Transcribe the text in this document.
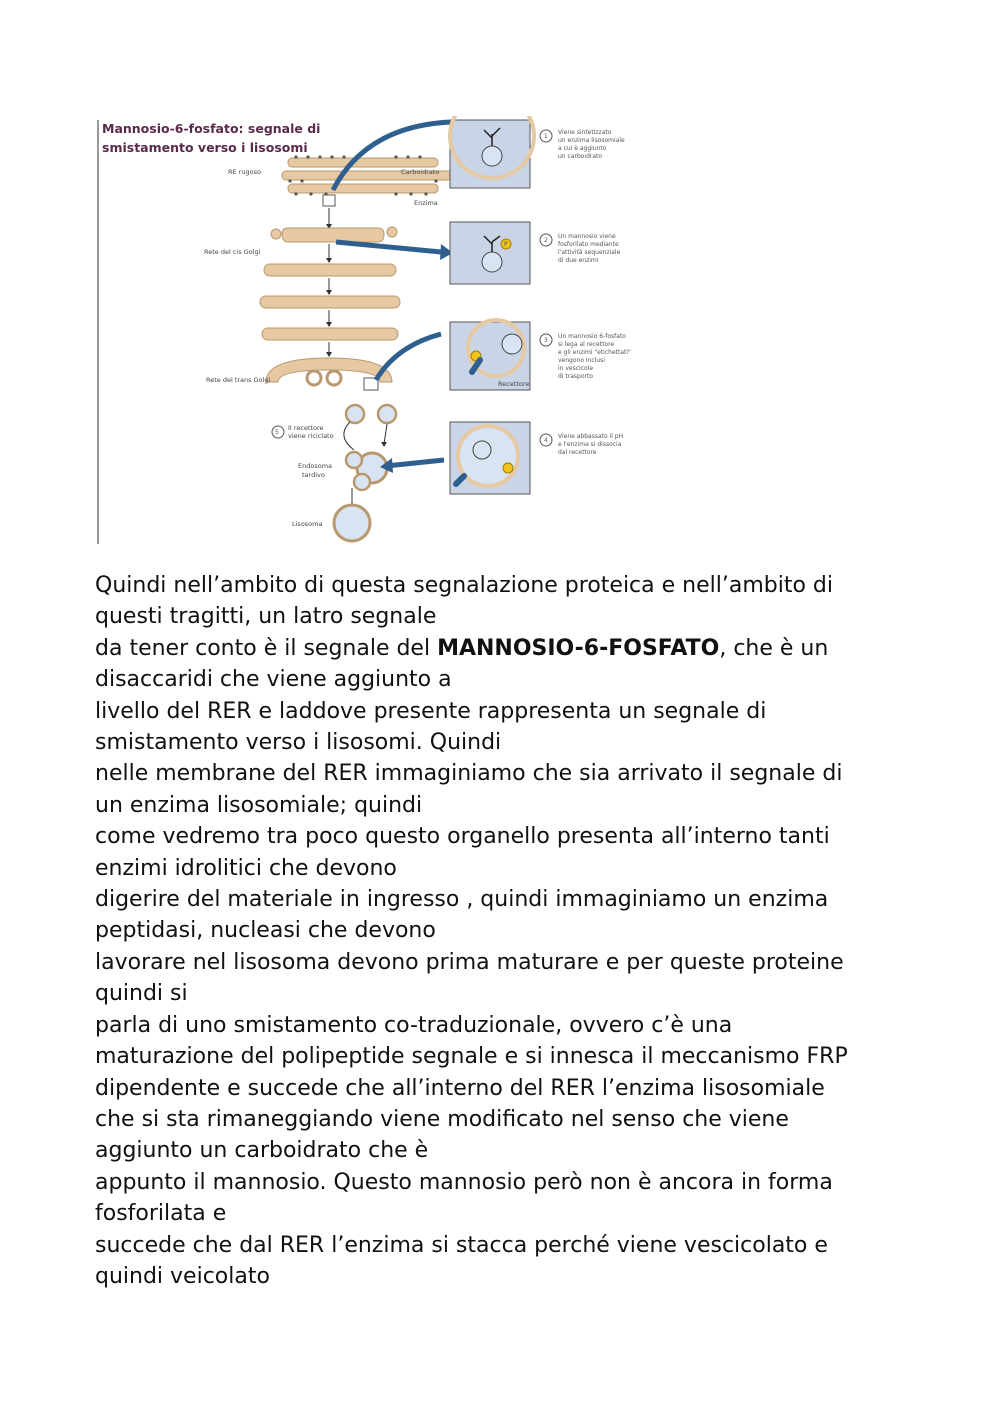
Mannosio-6-fosfato: segnale di
smistamento verso i lisosomi
RE rugoso	Carboidrato
Enzima
Rete del cis Golgi
Rete del trans Golgi
Endosoma
tardivo
Lisosoma
5
Il recettore
viene riciclato
P
Recettore
1
Viene sintetizzato
un enzima lisosomiale
a cui è aggiunto
un carboidrato
2
Un mannosio viene
fosforilato mediante
l'attività sequenziale
di due enzimi
3
Un mannosio 6-fosfato
si lega al recettore
e gli enzimi "etichettati"
vengono inclusi
in vescicole
di trasporto
4
Viene abbassato il pH
e l'enzima si dissocia
dal recettore

Quindi nell’ambito di questa segnalazione proteica e nell’ambito di
questi tragitti, un latro segnale
da tener conto è il segnale del MANNOSIO-6-FOSFATO, che è un
disaccaridi che viene aggiunto a
livello del RER e laddove presente rappresenta un segnale di
smistamento verso i lisosomi. Quindi
nelle membrane del RER immaginiamo che sia arrivato il segnale di
un enzima lisosomiale; quindi
come vedremo tra poco questo organello presenta all’interno tanti
enzimi idrolitici che devono
digerire del materiale in ingresso , quindi immaginiamo un enzima
peptidasi, nucleasi che devono
lavorare nel lisosoma devono prima maturare e per queste proteine
quindi si
parla di uno smistamento co-traduzionale, ovvero c’è una
maturazione del polipeptide segnale e si innesca il meccanismo FRP
dipendente e succede che all’interno del RER l’enzima lisosomiale
che si sta rimaneggiando viene modificato nel senso che viene
aggiunto un carboidrato che è
appunto il mannosio. Questo mannosio però non è ancora in forma
fosforilata e
succede che dal RER l’enzima si stacca perché viene vescicolato e
quindi veicolato
